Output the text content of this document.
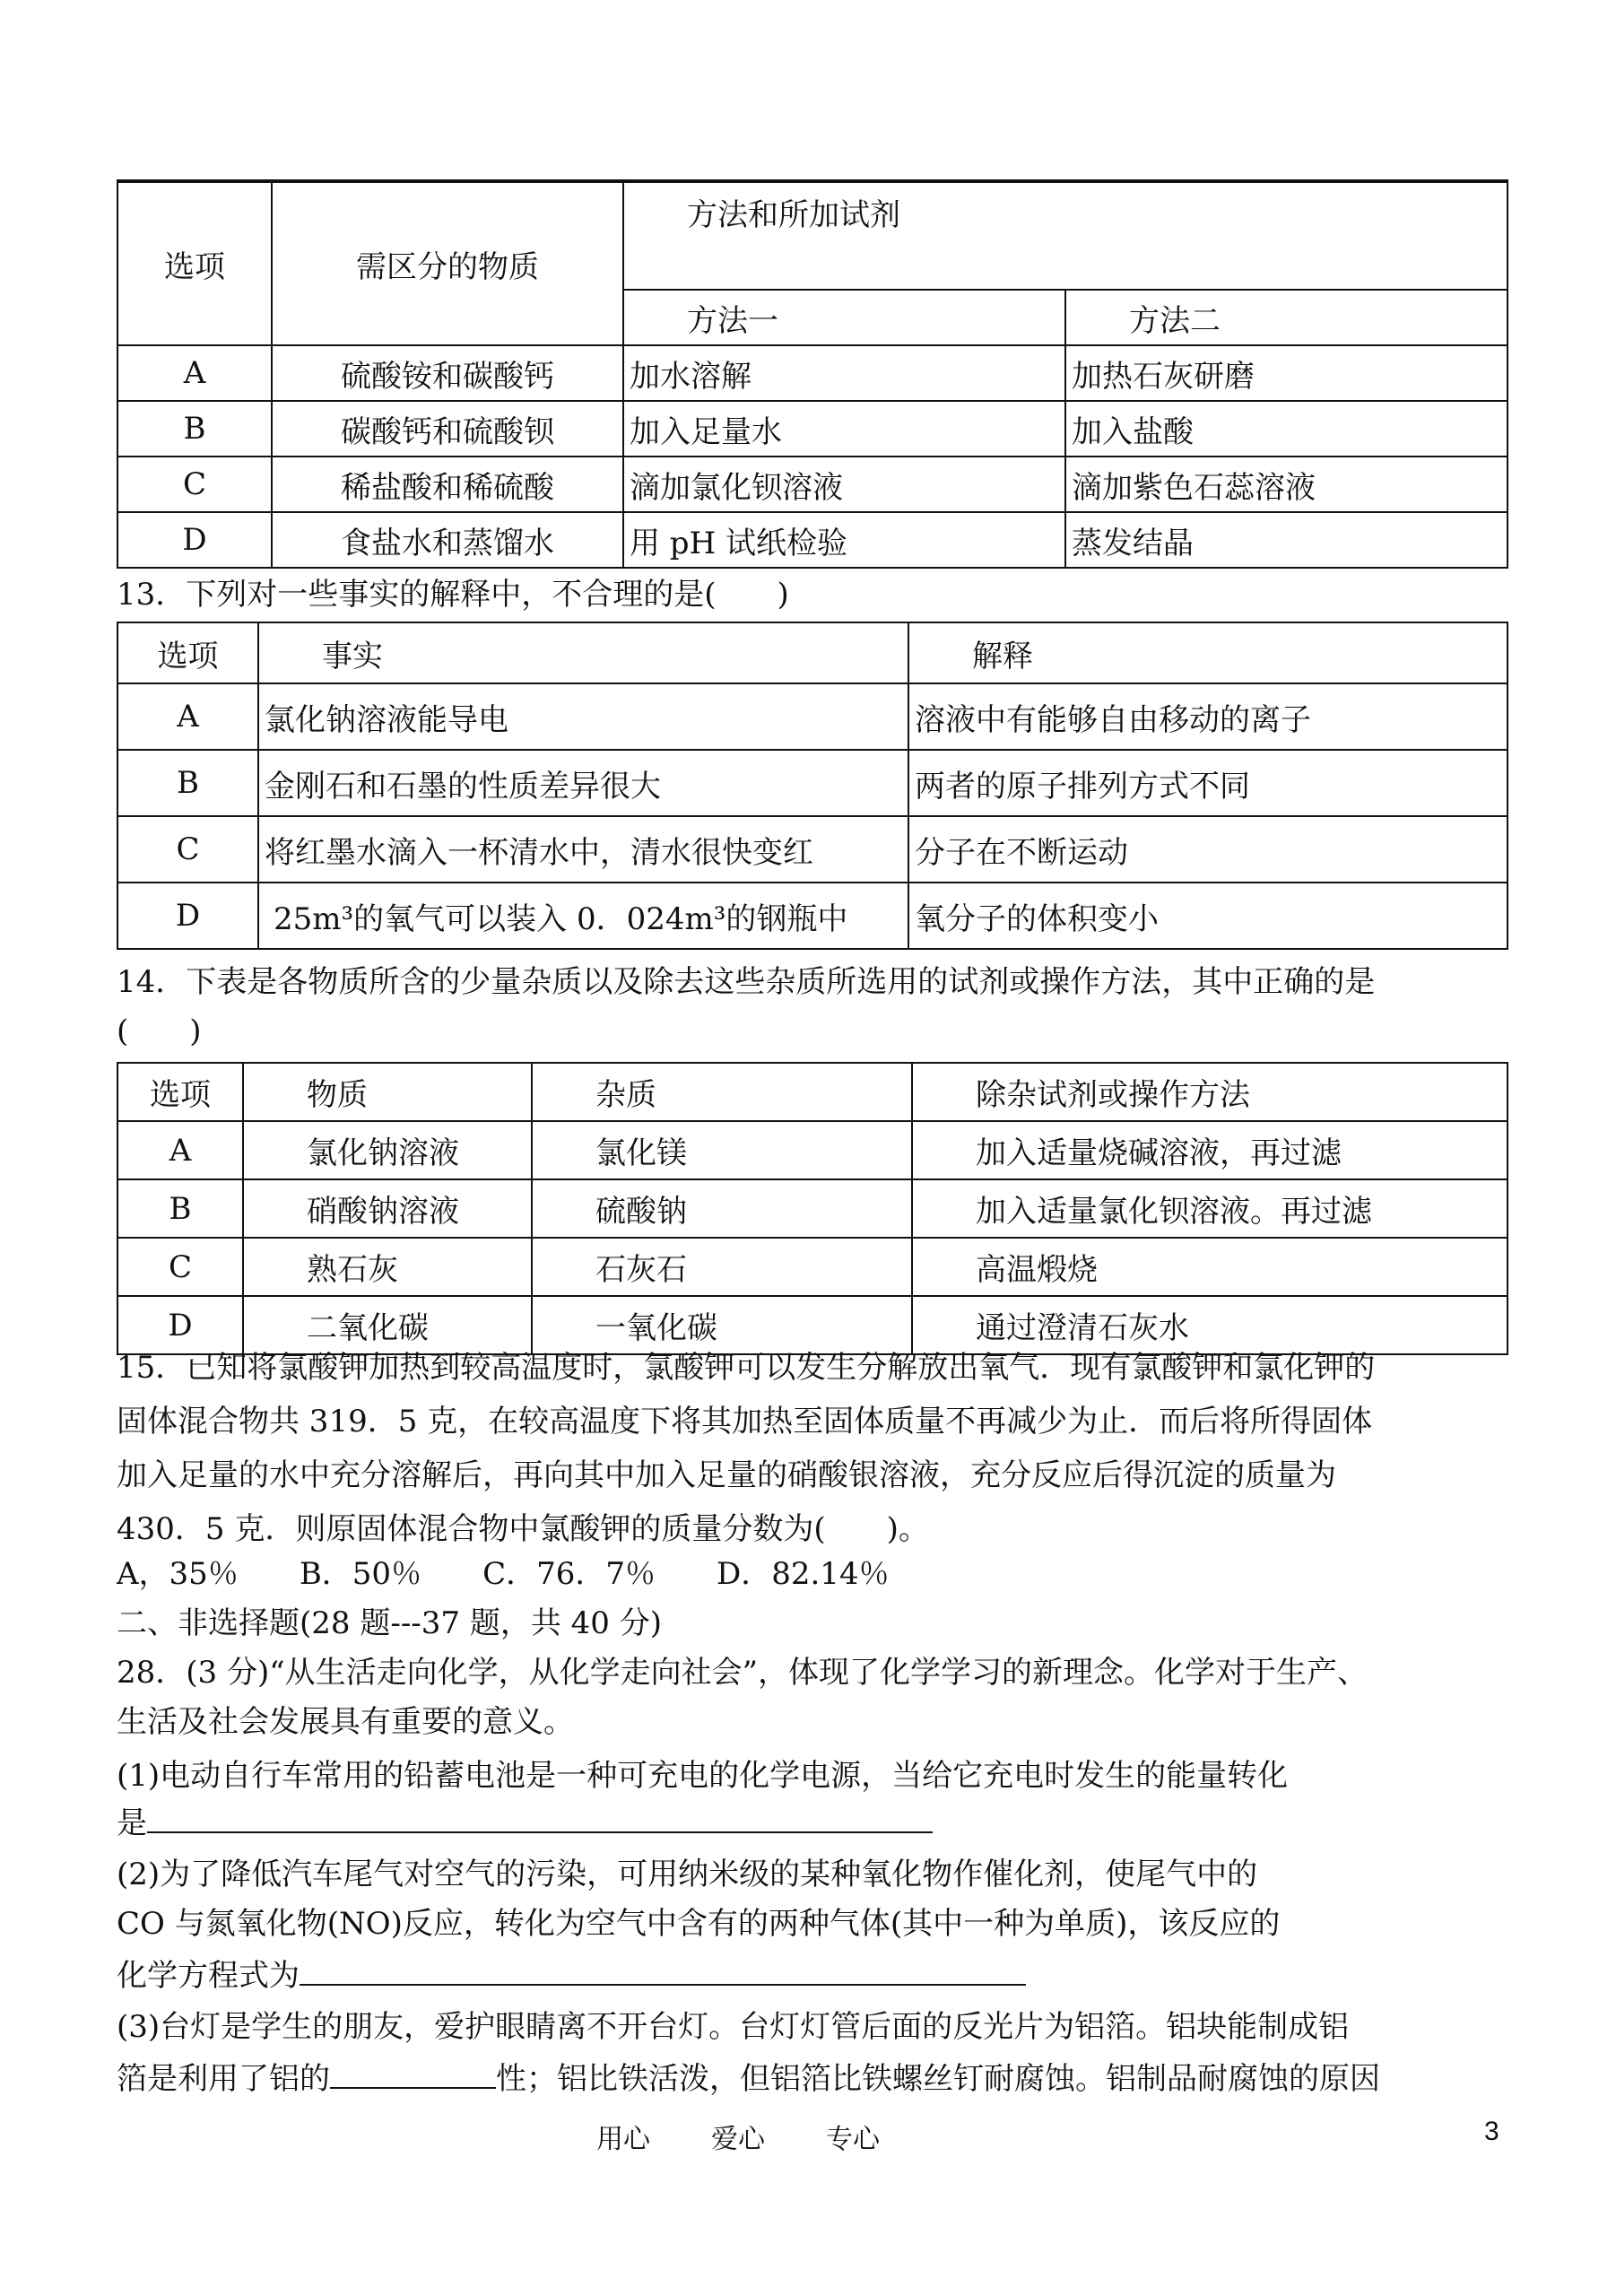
选项	需区分的物质	方法和所加试剂	
		方法一	方法二
A	硫酸铵和碳酸钙	加水溶解	加热石灰研磨
B	碳酸钙和硫酸钡	加入足量水	加入盐酸
C	稀盐酸和稀硫酸	滴加氯化钡溶液	滴加紫色石蕊溶液
D	食盐水和蒸馏水	用 pH 试纸检验	蒸发结晶
13．下列对一些事实的解释中，不合理的是(　　)
选项	事实	解释
A	氯化钠溶液能导电	溶液中有能够自由移动的离子
B	金刚石和石墨的性质差异很大	两者的原子排列方式不同
C	将红墨水滴入一杯清水中，清水很快变红	分子在不断运动
D	25m³的氧气可以装入 0．024m³的钢瓶中	氧分子的体积变小
14．下表是各物质所含的少量杂质以及除去这些杂质所选用的试剂或操作方法，其中正确的是
(　　)
选项	物质	杂质	除杂试剂或操作方法
A	氯化钠溶液	氯化镁	加入适量烧碱溶液，再过滤
B	硝酸钠溶液	硫酸钠	加入适量氯化钡溶液。再过滤
C	熟石灰	石灰石	高温煅烧
D	二氧化碳	一氧化碳	通过澄清石灰水
15．已知将氯酸钾加热到较高温度时，氯酸钾可以发生分解放出氧气．现有氯酸钾和氯化钾的
固体混合物共 319．5 克，在较高温度下将其加热至固体质量不再减少为止．而后将所得固体
加入足量的水中充分溶解后，再向其中加入足量的硝酸银溶液，充分反应后得沉淀的质量为
430．5 克．则原固体混合物中氯酸钾的质量分数为(　　)。
A，35％　　B．50％　　C．76．7％　　D．82.14％
二、非选择题(28 题---37 题，共 40 分)
28．(3 分)“从生活走向化学，从化学走向社会”，体现了化学学习的新理念。化学对于生产、
生活及社会发展具有重要的意义。
(1)电动自行车常用的铅蓄电池是一种可充电的化学电源，当给它充电时发生的能量转化
是
(2)为了降低汽车尾气对空气的污染，可用纳米级的某种氧化物作催化剂，使尾气中的
CO 与氮氧化物(NO)反应，转化为空气中含有的两种气体(其中一种为单质)，该反应的
化学方程式为
(3)台灯是学生的朋友，爱护眼睛离不开台灯。台灯灯管后面的反光片为铝箔。铝块能制成铝
箔是利用了铝的	性；铝比铁活泼，但铝箔比铁螺丝钉耐腐蚀。铝制品耐腐蚀的原因
用心 爱心 专心	3
